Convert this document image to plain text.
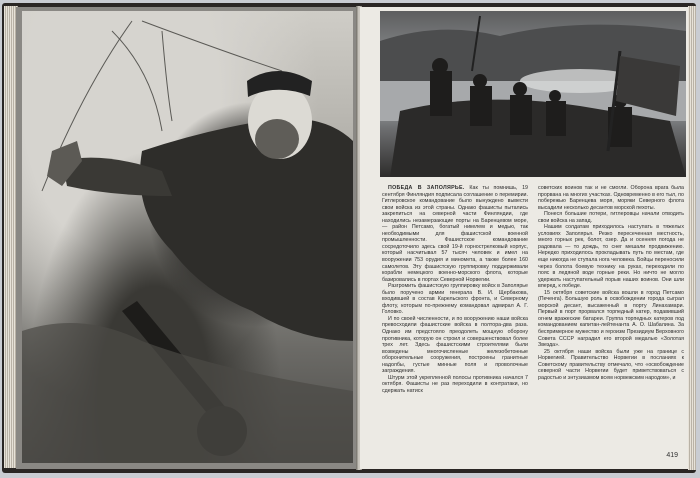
ПОБЕДА В ЗАПОЛЯРЬЕ. Как ты помнишь, 19 сентября Финляндия подписала соглашение о перемирии. Гитлеровское командование было вынуждено вывести свои войска из этой страны. Однако фашисты пытались закрепиться на северной части Финляндии, где находились незамерзающие порты на Баренцевом море, — район Петсамо, богатый никелем и медью, так необходимыми для фашистской военной промышленности. Фашистское командование сосредоточило здесь свой 19-й горнострелковый корпус, который насчитывал 57 тысяч человек и имел на вооружении 753 орудия и миномета, а также более 160 самолетов. Эту фашистскую группировку поддерживали корабли немецкого военно-морского флота, которые базировались в портах Северной Норвегии.

Разгромить фашистскую группировку войск в Заполярье было поручено армии генерала В. И. Щербакова, входившей в состав Карельского фронта, и Северному флоту, которым по-прежнему командовал адмирал А. Г. Головко.

И по своей численности, и по вооружению наши войска превосходили фашистские войска в полтора-два раза. Однако им предстояло преодолеть мощную оборону противника, которую он строил и совершенствовал более трех лет. Здесь фашистскими строителями были возведены многочисленные железобетонные оборонительные сооружения, построены гранитные надолбы, густые минные поля и проволочные заграждения.

Штурм этой укрепленной полосы противника начался 7 октября. Фашисты не раз переходили в контратаки, но сдержать натиск

советских воинов так и не смогли. Оборона врага была прорвана на многих участках. Одновременно в его тыл, по побережью Баренцева моря, моряки Северного флота высадили несколько десантов морской пехоты.

Понеся большие потери, гитлеровцы начали отводить свои войска на запад.

Нашим солдатам приходилось наступать в тяжелых условиях Заполярья. Резко пересеченная местность, много горных рек, болот, озер. Да и осенняя погода не радовала — то дождь, то снег мешали продвижению. Нередко приходилось прокладывать путь по местам, где еще никогда не ступала нога человека. Бойцы переносили через болота боевую технику на руках, переходили по пояс в ледяной воде горные реки. Но ничто не могло удержать наступательный порыв наших воинов. Они шли вперед, к победе.

15 октября советские войска вошли в город Петсамо (Печенга). Большую роль в освобождении города сыграл морской десант, высаженный в порту Линахамари. Первый в порт прорвался торпедный катер, подавивший огнем вражеские батареи. Группа торпедных катеров под командованием капитан-лейтенанта А. О. Шабалина. За беспримерное мужество и героизм Президиум Верховного Совета СССР наградил его второй медалью «Золотая Звезда».

25 октября наши войска были уже на границе с Норвегией. Правительство Норвегии в посланиях к Советскому правительству отмечало, что «освобождение северной части Норвегии будет приветствоваться с радостью и энтузиазмом всем норвежским народом», и

419
